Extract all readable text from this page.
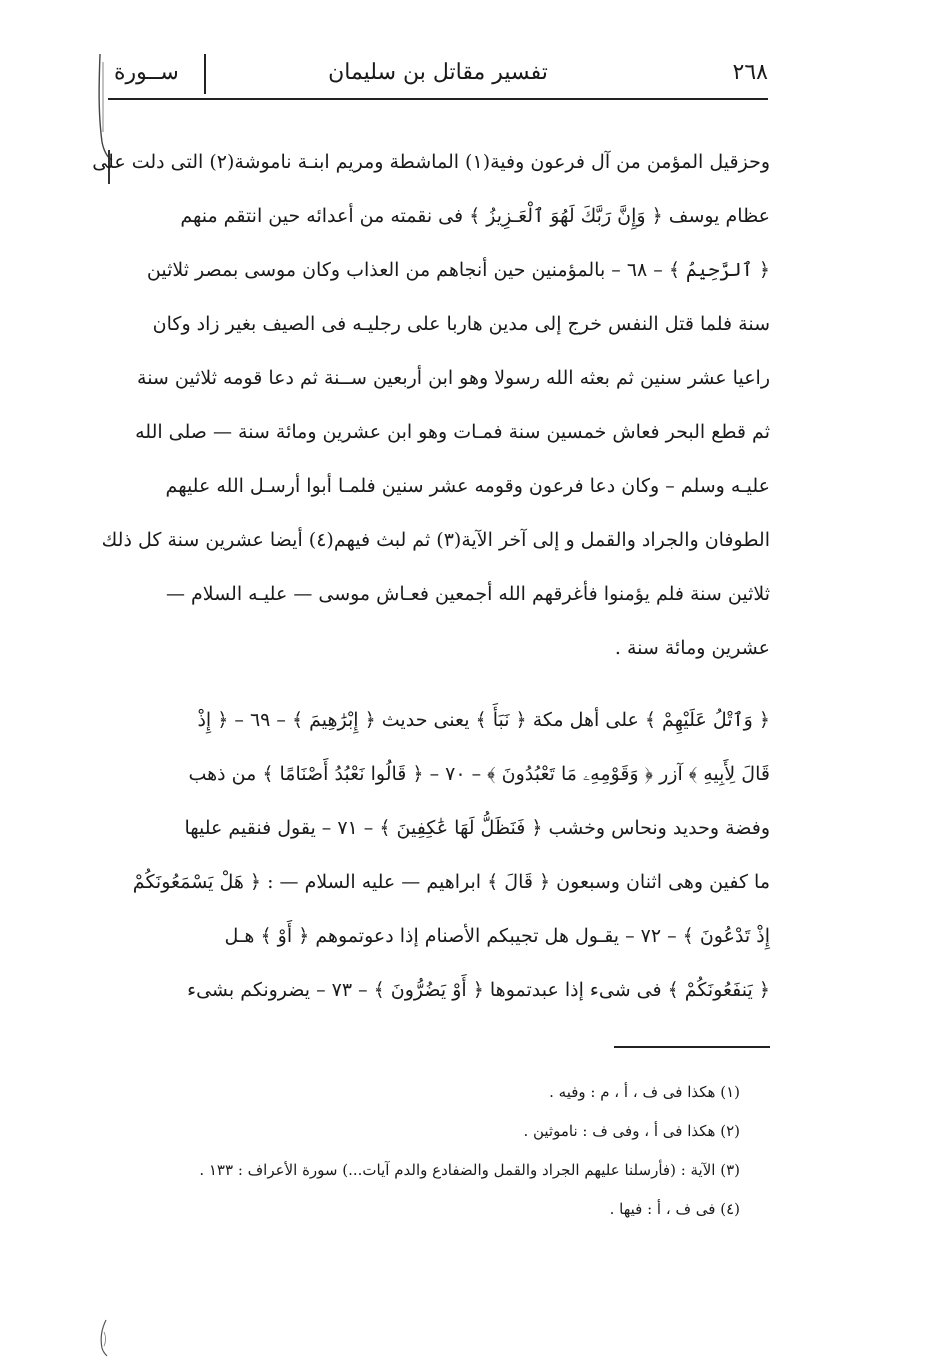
٢٦٨
تفسير مقاتل بن سليمان
ســورة
وحزقيل المؤمن من آل فرعون وفية(١) الماشطة ومريم ابنـة ناموشة(٢) التى دلت على
عظام يوسف ﴿ وَإِنَّ رَبَّكَ لَهُوَ ٱلْعَـزِيزُ ﴾ فى نقمته من أعدائه حين انتقم منهم
﴿ ٱلرَّحِيمُ ﴾ – ٦٨ – بالمؤمنين حين أنجاهم من العذاب وكان موسى بمصر ثلاثين
سنة فلما قتل النفس خرج إلى مدين هاربا على رجليـه فى الصيف بغير زاد وكان
راعيا عشر سنين ثم بعثه الله رسولا وهو ابن أربعين ســنة ثم دعا قومه ثلاثين سنة
ثم قطع البحر فعاش خمسين سنة فمـات وهو ابن عشرين ومائة سنة — صلى الله
عليـه وسلم – وكان دعا فرعون وقومه عشر سنين فلمـا أبوا أرسـل الله عليهم
الطوفان والجراد والقمل و إلى آخر الآية(٣) ثم لبث فيهم(٤) أيضا عشرين سنة كل ذلك
ثلاثين سنة فلم يؤمنوا فأغرقهم الله أجمعين فعـاش موسى — عليـه السلام —
عشرين ومائة سنة .
﴿ وَٱتْلُ عَلَيْهِمْ ﴾ على أهل مكة ﴿ نَبَأَ ﴾ يعنى حديث ﴿ إِبْرَٰهِيمَ ﴾ – ٦٩ – ﴿ إِذْ
قَالَ لِأَبِيهِ ﴾ آزر ﴿ وَقَوْمِهِۦ مَا تَعْبُدُونَ ﴾ – ٧٠ – ﴿ قَالُوا نَعْبُدُ أَصْنَامًا ﴾ من ذهب
وفضة وحديد ونحاس وخشب ﴿ فَنَظَلُّ لَهَا عَٰكِفِينَ ﴾ – ٧١ – يقول فنقيم عليها
ما كفين وهى اثنان وسبعون ﴿ قَالَ ﴾ ابراهيم — عليه السلام — : ﴿ هَلْ يَسْمَعُونَكُمْ
إِذْ تَدْعُونَ ﴾ – ٧٢ – يقـول هل تجيبكم الأصنام إذا دعوتموهم ﴿ أَوْ ﴾ هـل
﴿ يَنفَعُونَكُمْ ﴾ فى شىء إذا عبدتموها ﴿ أَوْ يَضُرُّونَ ﴾ – ٧٣ – يضرونكم بشىء
(١) هكذا فى ف ، أ ، م : وفيه .
(٢) هكذا فى أ ، وفى ف : ناموثين .
(٣) الآية : (فأرسلنا عليهم الجراد والقمل والضفادع والدم آيات...) سورة الأعراف : ١٣٣ .
(٤) فى ف ، أ : فيها .
